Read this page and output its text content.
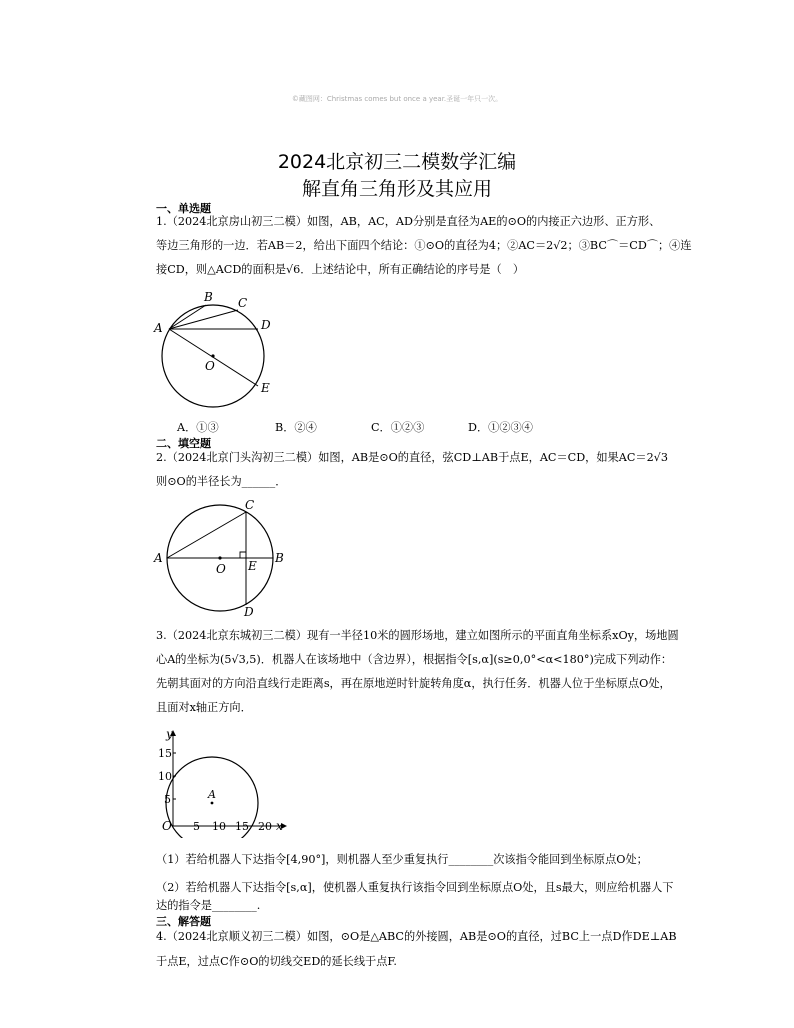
©藏图网：Christmas comes but once a year.圣诞一年只一次。
2024北京初三二模数学汇编
解直角三角形及其应用
一、单选题
1.（2024北京房山初三二模）如图，AB，AC，AD分别是直径为AE的⊙O的内接正六边形、正方形、
等边三角形的一边．若AB＝2，给出下面四个结论：①⊙O的直径为4；②AC＝2√2；③BC⌒＝CD⌒；④连
接CD，则△ACD的面积是√6．上述结论中，所有正确结论的序号是（　）
A
B C
D
O
E
A．①③	B．②④	C．①②③	D．①②③④
二、填空题
2.（2024北京门头沟初三二模）如图，AB是⊙O的直径，弦CD⊥AB于点E，AC＝CD，如果AC＝2√3
则⊙O的半径长为______．
A
C
O E
B
D
3.（2024北京东城初三二模）现有一半径10米的圆形场地，建立如图所示的平面直角坐标系xOy，场地圆
心A的坐标为(5√3,5)．机器人在该场地中（含边界），根据指令[s,α](s≥0,0°<α<180°)完成下列动作：
先朝其面对的方向沿直线行走距离s，再在原地逆时针旋转角度α，执行任务．机器人位于坐标原点O处，
且面对x轴正方向．
15
10
5
5 10 15 20
O	x
y
A
（1）若给机器人下达指令[4,90°]，则机器人至少重复执行________次该指令能回到坐标原点O处；
（2）若给机器人下达指令[s,α]，使机器人重复执行该指令回到坐标原点O处，且s最大，则应给机器人下
达的指令是________.
三、解答题
4.（2024北京顺义初三二模）如图，⊙O是△ABC的外接圆，AB是⊙O的直径，过BC上一点D作DE⊥AB
于点E，过点C作⊙O的切线交ED的延长线于点F.
